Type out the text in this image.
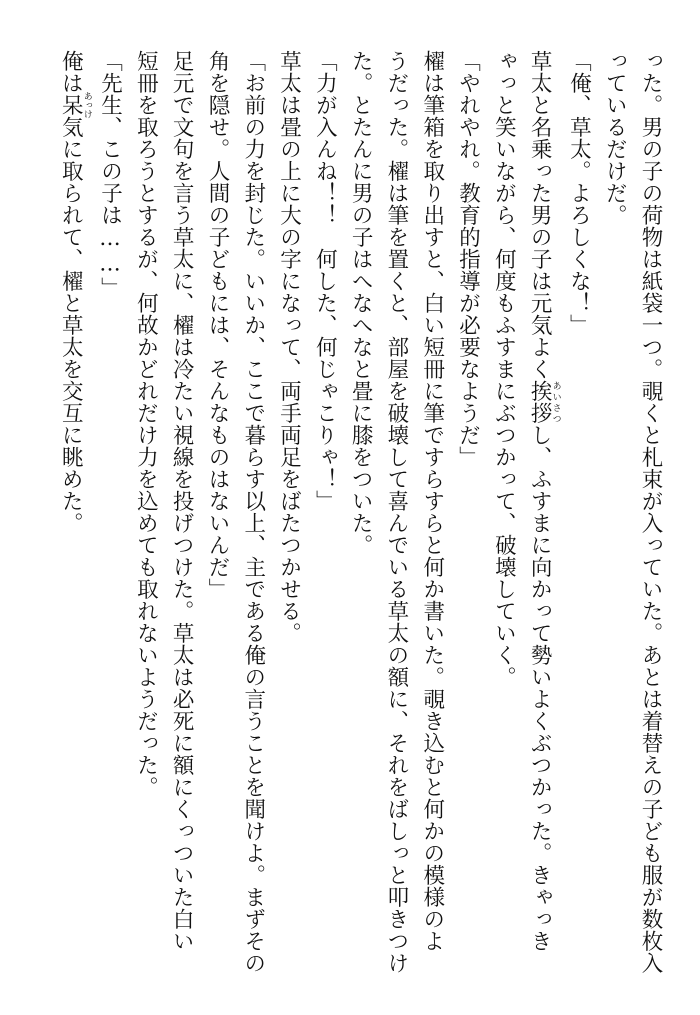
った。男の子の荷物は紙袋一つ。覗くと札束が入っていた。あとは着替えの子ども服が数枚入

っているだけだ。

「俺、草太。よろしくな！」

草太と名乗った男の子は元気よく挨拶あいさつし、ふすまに向かって勢いよくぶつかった。きゃっき

ゃっと笑いながら、何度もふすまにぶつかって、破壊していく。

「やれやれ。教育的指導が必要なようだ」

櫂は筆箱を取り出すと、白い短冊に筆ですらすらと何か書いた。覗き込むと何かの模様のよ

うだった。櫂は筆を置くと、部屋を破壊して喜んでいる草太の額に、それをばしっと叩きつけ

た。とたんに男の子はへなへなと畳に膝をついた。

「力が入んね！！　何した、何じゃこりゃ！」

草太は畳の上に大の字になって、両手両足をばたつかせる。

「お前の力を封じた。いいか、ここで暮らす以上、主である俺の言うことを聞けよ。まずその

角を隠せ。人間の子どもには、そんなものはないんだ」

足元で文句を言う草太に、櫂は冷たい視線を投げつけた。草太は必死に額にくっついた白い

短冊を取ろうとするが、何故かどれだけ力を込めても取れないようだった。

「先生、この子は……」

俺は呆あっけ気に取られて、櫂と草太を交互に眺めた。
